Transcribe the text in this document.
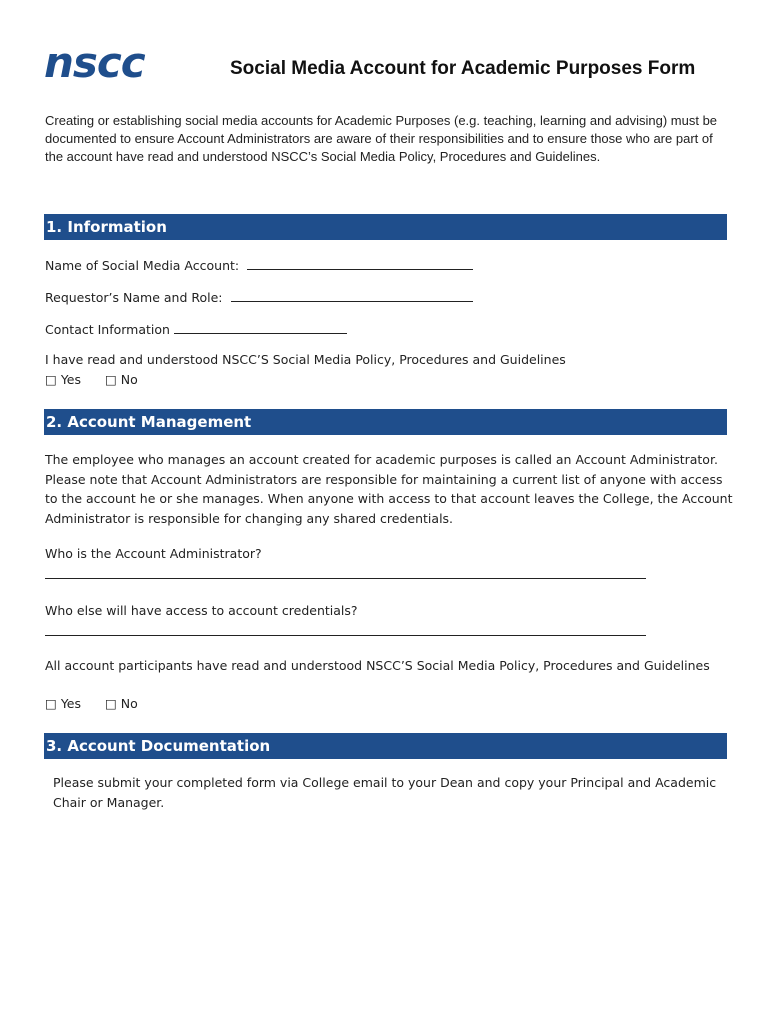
nscc	Social Media Account for Academic Purposes Form
Creating or establishing social media accounts for Academic Purposes (e.g. teaching, learning and advising) must be documented to ensure Account Administrators are aware of their responsibilities and to ensure those who are part of the account have read and understood NSCC’s Social Media Policy, Procedures and Guidelines.
1. Information
Name of Social Media Account:
Requestor’s Name and Role:
Contact Information
I have read and understood NSCC’S Social Media Policy, Procedures and Guidelines
□ Yes □ No
2. Account Management
The employee who manages an account created for academic purposes is called an Account Administrator. Please note that Account Administrators are responsible for maintaining a current list of anyone with access to the account he or she manages. When anyone with access to that account leaves the College, the Account Administrator is responsible for changing any shared credentials.
Who is the Account Administrator?
Who else will have access to account credentials?
All account participants have read and understood NSCC’S Social Media Policy, Procedures and Guidelines
□ Yes □ No
3. Account Documentation
Please submit your completed form via College email to your Dean and copy your Principal and Academic Chair or Manager.
